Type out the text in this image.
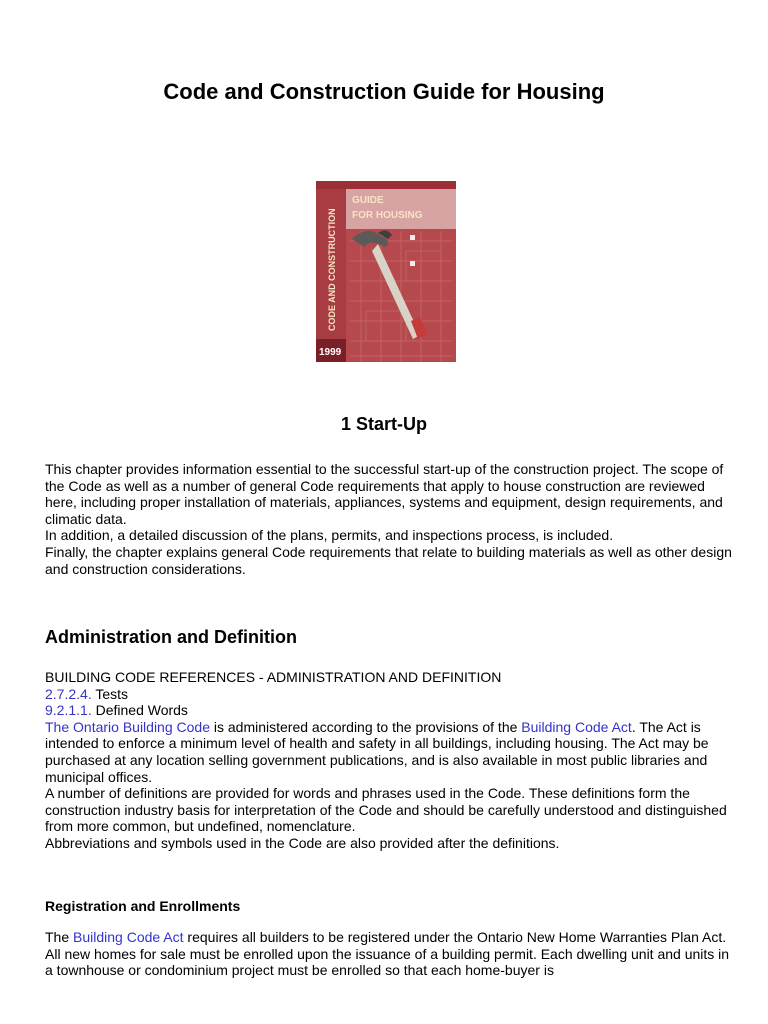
Code and Construction Guide for Housing
GUIDE
FOR HOUSING
CODE AND CONSTRUCTION
1999
1 Start-Up

This chapter provides information essential to the successful start-up of the construction project. The scope of the Code as well as a number of general Code requirements that apply to house construction are reviewed here, including proper installation of materials, appliances, systems and equipment, design requirements, and climatic data.

In addition, a detailed discussion of the plans, permits, and inspections process, is included.

Finally, the chapter explains general Code requirements that relate to building materials as well as other design and construction considerations.

Administration and Definition

BUILDING CODE REFERENCES - ADMINISTRATION AND DEFINITION

2.7.2.4. Tests

9.2.1.1. Defined Words

The Ontario Building Code is administered according to the provisions of the Building Code Act. The Act is intended to enforce a minimum level of health and safety in all buildings, including housing. The Act may be purchased at any location selling government publications, and is also available in most public libraries and municipal offices.

A number of definitions are provided for words and phrases used in the Code. These definitions form the construction industry basis for interpretation of the Code and should be carefully understood and distinguished from more common, but undefined, nomenclature.

Abbreviations and symbols used in the Code are also provided after the definitions.

Registration and Enrollments

The Building Code Act requires all builders to be registered under the Ontario New Home Warranties Plan Act. All new homes for sale must be enrolled upon the issuance of a building permit. Each dwelling unit and units in a townhouse or condominium project must be enrolled so that each home-buyer is
